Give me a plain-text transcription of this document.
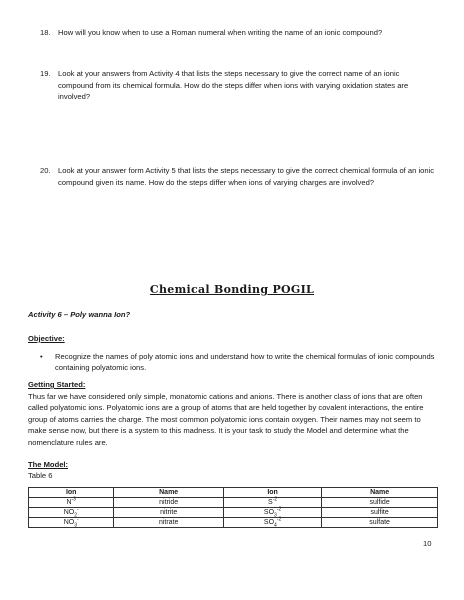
18. How will you know when to use a Roman numeral when writing the name of an ionic compound?
19. Look at your answers from Activity 4 that lists the steps necessary to give the correct name of an ionic compound from its chemical formula. How do the steps differ when ions with varying oxidation states are involved?
20. Look at your answer form Activity 5 that lists the steps necessary to give the correct chemical formula of an ionic compound given its name. How do the steps differ when ions of varying charges are involved?
Chemical Bonding POGIL
Activity 6 – Poly wanna Ion?
Objective:
• Recognize the names of poly atomic ions and understand how to write the chemical formulas of ionic compounds containing polyatomic ions.
Getting Started:
Thus far we have considered only simple, monatomic cations and anions. There is another class of ions that are often called polyatomic ions. Polyatomic ions are a group of atoms that are held together by covalent interactions, the entire group of atoms carries the charge. The most common polyatomic ions contain oxygen. Their names may not seem to make sense now, but there is a system to this madness. It is your task to study the Model and determine what the nomenclature rules are.
The Model:
Table 6
Ion	Name	Ion	Name
$N^{-3}$	nitride	$S^{-2}$	sulfide
$NO_2^-$	nitrite	$SO_3^{-2}$	sulfite
$NO_3^-$	nitrate	$SO_4^{-2}$	sulfate
10
